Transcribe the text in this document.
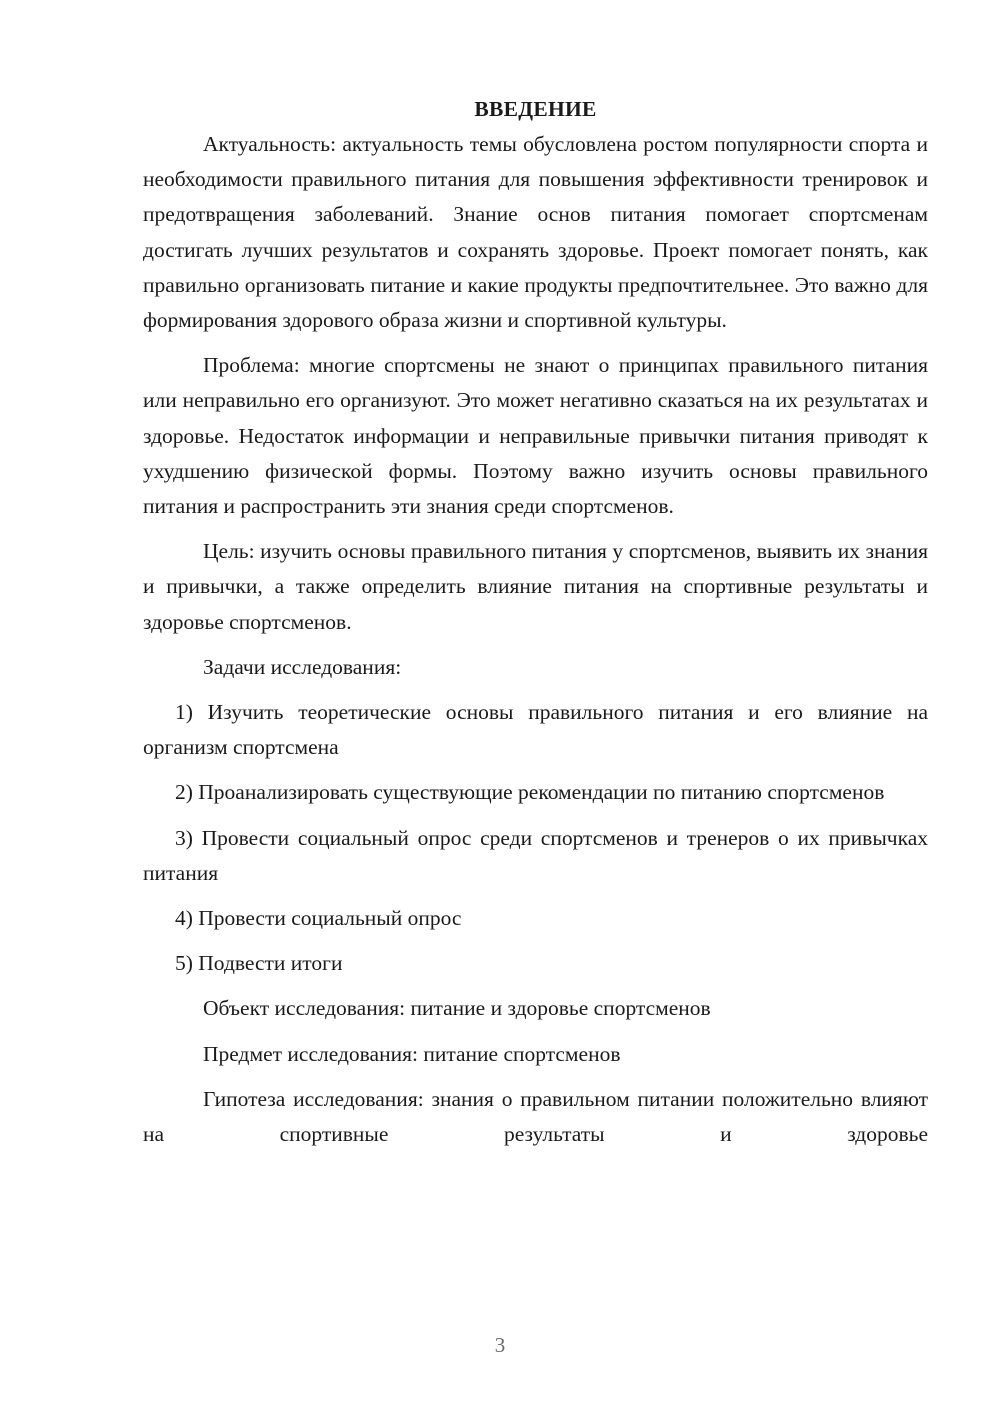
ВВЕДЕНИЕ

Актуальность: актуальность темы обусловлена ростом популярности спорта и необходимости правильного питания для повышения эффективности тренировок и предотвращения заболеваний. Знание основ питания помогает спортсменам достигать лучших результатов и сохранять здоровье. Проект помогает понять, как правильно организовать питание и какие продукты предпочтительнее. Это важно для формирования здорового образа жизни и спортивной культуры.

Проблема: многие спортсмены не знают о принципах правильного питания или неправильно его организуют. Это может негативно сказаться на их результатах и здоровье. Недостаток информации и неправильные привычки питания приводят к ухудшению физической формы. Поэтому важно изучить основы правильного питания и распространить эти знания среди спортсменов.

Цель: изучить основы правильного питания у спортсменов, выявить их знания и привычки, а также определить влияние питания на спортивные результаты и здоровье спортсменов.

Задачи исследования:

1) Изучить теоретические основы правильного питания и его влияние на организм спортсмена

2) Проанализировать существующие рекомендации по питанию спортсменов

3) Провести социальный опрос среди спортсменов и тренеров о их привычках питания

4) Провести социальный опрос

5) Подвести итоги

Объект исследования: питание и здоровье спортсменов

Предмет исследования: питание спортсменов

Гипотеза исследования: знания о правильном питании положительно влияют на спортивные результаты и здоровье

3
